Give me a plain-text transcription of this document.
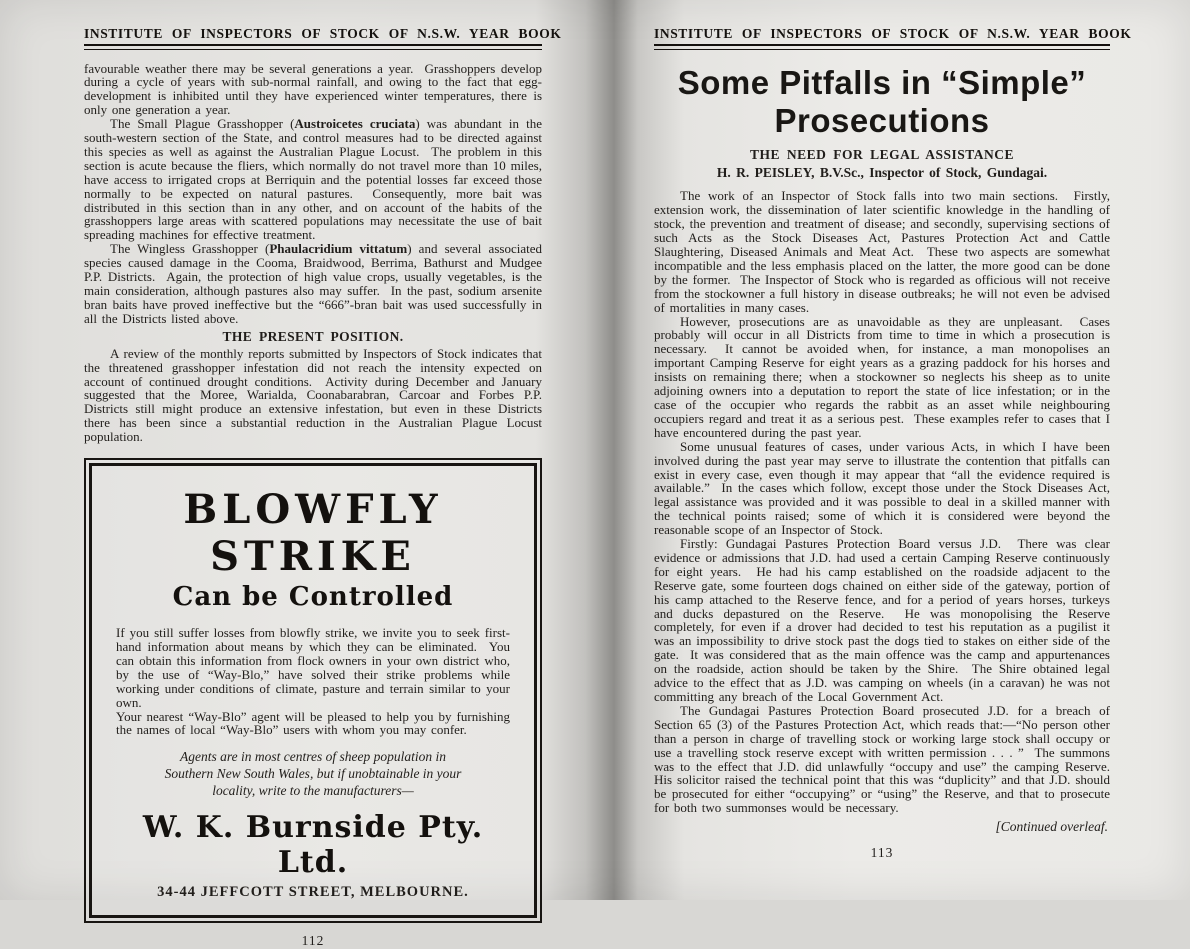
INSTITUTE OF INSPECTORS OF STOCK OF N.S.W. YEAR BOOK

favourable weather there may be several generations a year.  Grasshoppers develop during a cycle of years with sub-normal rainfall, and owing to the fact that egg-development is inhibited until they have experienced winter temperatures, there is only one generation a year.

The Small Plague Grasshopper (Austroicetes cruciata) was abundant in the south-western section of the State, and control measures had to be directed against this species as well as against the Australian Plague Locust.  The problem in this section is acute because the fliers, which normally do not travel more than 10 miles, have access to irrigated crops at Berriquin and the potential losses far exceed those normally to be expected on natural pastures.  Consequently, more bait was distributed in this section than in any other, and on account of the habits of the grasshoppers large areas with scattered populations may necessitate the use of bait spreading machines for effective treatment.

The Wingless Grasshopper (Phaulacridium vittatum) and several associated species caused damage in the Cooma, Braidwood, Berrima, Bathurst and Mudgee P.P. Districts.  Again, the protection of high value crops, usually vegetables, is the main consideration, although pastures also may suffer.  In the past, sodium arsenite bran baits have proved ineffective but the “666”-bran bait was used successfully in all the Districts listed above.

THE PRESENT POSITION.

A review of the monthly reports submitted by Inspectors of Stock indicates that the threatened grasshopper infestation did not reach the intensity expected on account of continued drought conditions.  Activity during December and January suggested that the Moree, Warialda, Coonabarabran, Carcoar and Forbes P.P. Districts still might produce an extensive infestation, but even in these Districts there has been since a substantial reduction in the Australian Plague Locust population.

BLOWFLY STRIKE
Can be Controlled

If you still suffer losses from blowfly strike, we invite you to seek first-hand information about means by which they can be eliminated.  You can obtain this information from flock owners in your own district who, by the use of “Way-Blo,” have solved their strike problems while working under conditions of climate, pasture and terrain similar to your own.

Your nearest “Way-Blo” agent will be pleased to help you by furnishing the names of local “Way-Blo” users with whom you may confer.

Agents are in most centres of sheep population in Southern New South Wales, but if unobtainable in your locality, write to the manufacturers—
W. K. Burnside Pty. Ltd.
34-44 JEFFCOTT STREET, MELBOURNE.
112
INSTITUTE OF INSPECTORS OF STOCK OF N.S.W. YEAR BOOK
Some Pitfalls in “Simple”
Prosecutions
THE NEED FOR LEGAL ASSISTANCE
H. R. PEISLEY, B.V.Sc., Inspector of Stock, Gundagai.

The work of an Inspector of Stock falls into two main sections.  Firstly, extension work, the dissemination of later scientific knowledge in the handling of stock, the prevention and treatment of disease; and secondly, supervising sections of such Acts as the Stock Diseases Act, Pastures Protection Act and Cattle Slaughtering, Diseased Animals and Meat Act.  These two aspects are somewhat incompatible and the less emphasis placed on the latter, the more good can be done by the former.  The Inspector of Stock who is regarded as officious will not receive from the stockowner a full history in disease outbreaks; he will not even be advised of mortalities in many cases.

However, prosecutions are as unavoidable as they are unpleasant.  Cases probably will occur in all Districts from time to time in which a prosecution is necessary.  It cannot be avoided when, for instance, a man monopolises an important Camping Reserve for eight years as a grazing paddock for his horses and insists on remaining there; when a stockowner so neglects his sheep as to unite adjoining owners into a deputation to report the state of lice infestation; or in the case of the occupier who regards the rabbit as an asset while neighbouring occupiers regard and treat it as a serious pest.  These examples refer to cases that I have encountered during the past year.

Some unusual features of cases, under various Acts, in which I have been involved during the past year may serve to illustrate the contention that pitfalls can exist in every case, even though it may appear that “all the evidence required is available.”  In the cases which follow, except those under the Stock Diseases Act, legal assistance was provided and it was possible to deal in a skilled manner with the technical points raised; some of which it is considered were beyond the reasonable scope of an Inspector of Stock.

Firstly: Gundagai Pastures Protection Board versus J.D.  There was clear evidence or admissions that J.D. had used a certain Camping Reserve continuously for eight years.  He had his camp established on the roadside adjacent to the Reserve gate, some fourteen dogs chained on either side of the gateway, portion of his camp attached to the Reserve fence, and for a period of years horses, turkeys and ducks depastured on the Reserve.  He was monopolising the Reserve completely, for even if a drover had decided to test his reputation as a pugilist it was an impossibility to drive stock past the dogs tied to stakes on either side of the gate.  It was considered that as the main offence was the camp and appurtenances on the roadside, action should be taken by the Shire.  The Shire obtained legal advice to the effect that as J.D. was camping on wheels (in a caravan) he was not committing any breach of the Local Government Act.

The Gundagai Pastures Protection Board prosecuted J.D. for a breach of Section 65 (3) of the Pastures Protection Act, which reads that:—“No person other than a person in charge of travelling stock or working large stock shall occupy or use a travelling stock reserve except with written permission . . . ”  The summons was to the effect that J.D. did unlawfully “occupy and use” the camping Reserve.  His solicitor raised the technical point that this was “duplicity” and that J.D. should be prosecuted for either “occupying” or “using” the Reserve, and that to prosecute for both two summonses would be necessary.

[Continued overleaf.
113
